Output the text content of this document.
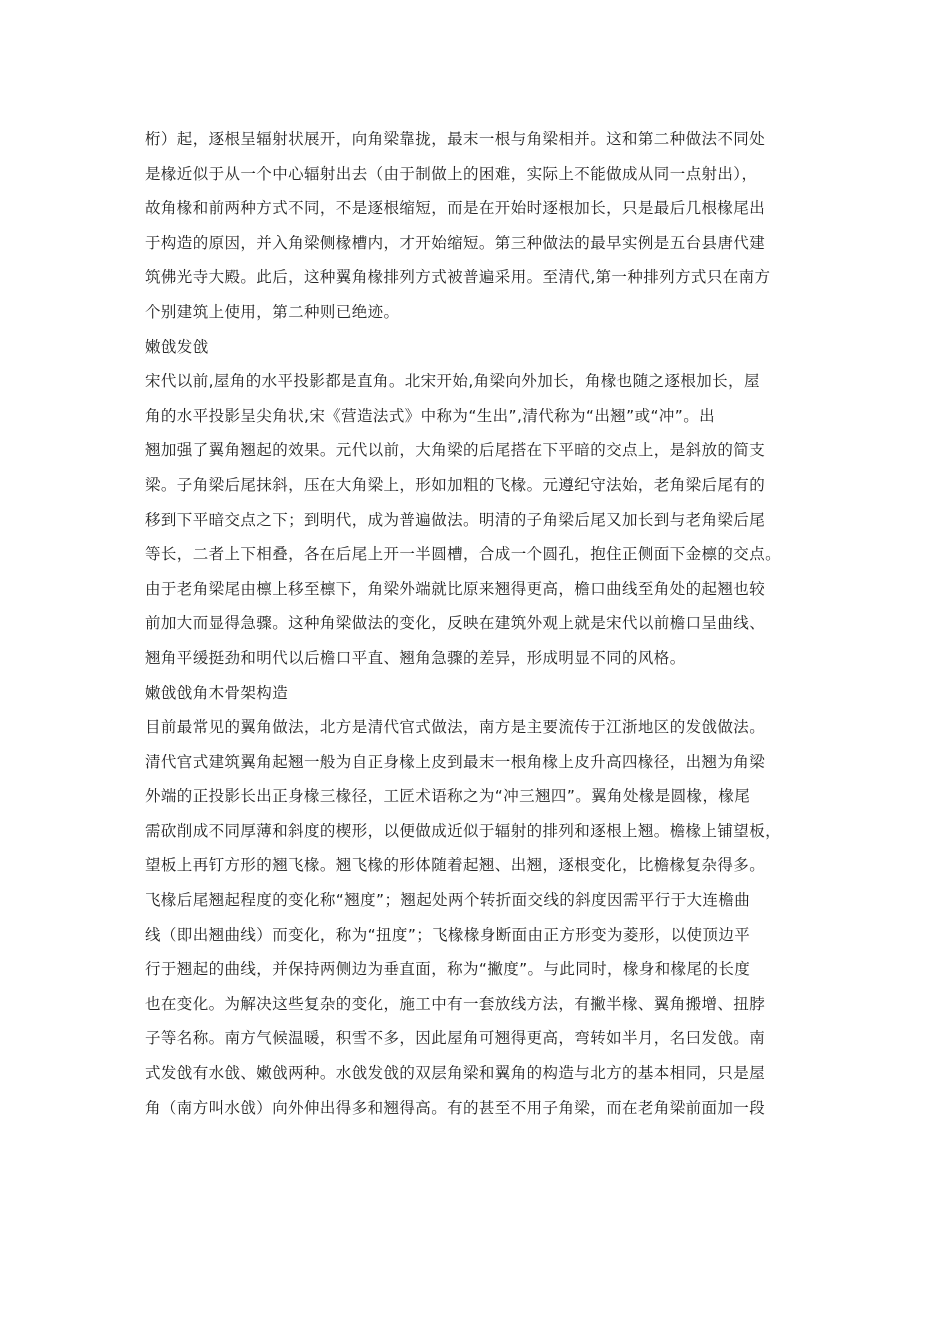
桁）起，逐根呈辐射状展开，向角梁靠拢，最末一根与角梁相并。这和第二种做法不同处
是椽近似于从一个中心辐射出去（由于制做上的困难，实际上不能做成从同一点射出），
故角椽和前两种方式不同，不是逐根缩短，而是在开始时逐根加长，只是最后几根椽尾出
于构造的原因，并入角梁侧椽槽内，才开始缩短。第三种做法的最早实例是五台县唐代建
筑佛光寺大殿。此后，这种翼角椽排列方式被普遍采用。至清代,第一种排列方式只在南方
个别建筑上使用，第二种则已绝迹。
嫩戗发戗
宋代以前,屋角的水平投影都是直角。北宋开始,角梁向外加长，角椽也随之逐根加长，屋
角的水平投影呈尖角状,宋《营造法式》中称为“生出”,清代称为“出翘”或“冲”。出
翘加强了翼角翘起的效果。元代以前，大角梁的后尾搭在下平暗的交点上，是斜放的简支
梁。子角梁后尾抹斜，压在大角梁上，形如加粗的飞椽。元遵纪守法始，老角梁后尾有的
移到下平暗交点之下；到明代，成为普遍做法。明清的子角梁后尾又加长到与老角梁后尾
等长，二者上下相叠，各在后尾上开一半圆槽，合成一个圆孔，抱住正侧面下金檩的交点。
由于老角梁尾由檩上移至檩下，角梁外端就比原来翘得更高，檐口曲线至角处的起翘也较
前加大而显得急骤。这种角梁做法的变化，反映在建筑外观上就是宋代以前檐口呈曲线、
翘角平缓挺劲和明代以后檐口平直、翘角急骤的差异，形成明显不同的风格。
嫩戗戗角木骨架构造
目前最常见的翼角做法，北方是清代官式做法，南方是主要流传于江浙地区的发戗做法。
清代官式建筑翼角起翘一般为自正身椽上皮到最末一根角椽上皮升高四椽径，出翘为角梁
外端的正投影长出正身椽三椽径，工匠术语称之为“冲三翘四”。翼角处椽是圆椽，椽尾
需砍削成不同厚薄和斜度的楔形，以便做成近似于辐射的排列和逐根上翘。檐椽上铺望板，
望板上再钉方形的翘飞椽。翘飞椽的形体随着起翘、出翘，逐根变化，比檐椽复杂得多。
飞椽后尾翘起程度的变化称“翘度”；翘起处两个转折面交线的斜度因需平行于大连檐曲
线（即出翘曲线）而变化，称为“扭度”；飞椽椽身断面由正方形变为菱形，以使顶边平
行于翘起的曲线，并保持两侧边为垂直面，称为“撇度”。与此同时，椽身和椽尾的长度
也在变化。为解决这些复杂的变化，施工中有一套放线方法，有撇半椽、翼角搬增、扭脖
子等名称。南方气候温暖，积雪不多，因此屋角可翘得更高，弯转如半月，名曰发戗。南
式发戗有水戗、嫩戗两种。水戗发戗的双层角梁和翼角的构造与北方的基本相同，只是屋
角（南方叫水戗）向外伸出得多和翘得高。有的甚至不用子角梁，而在老角梁前面加一段
